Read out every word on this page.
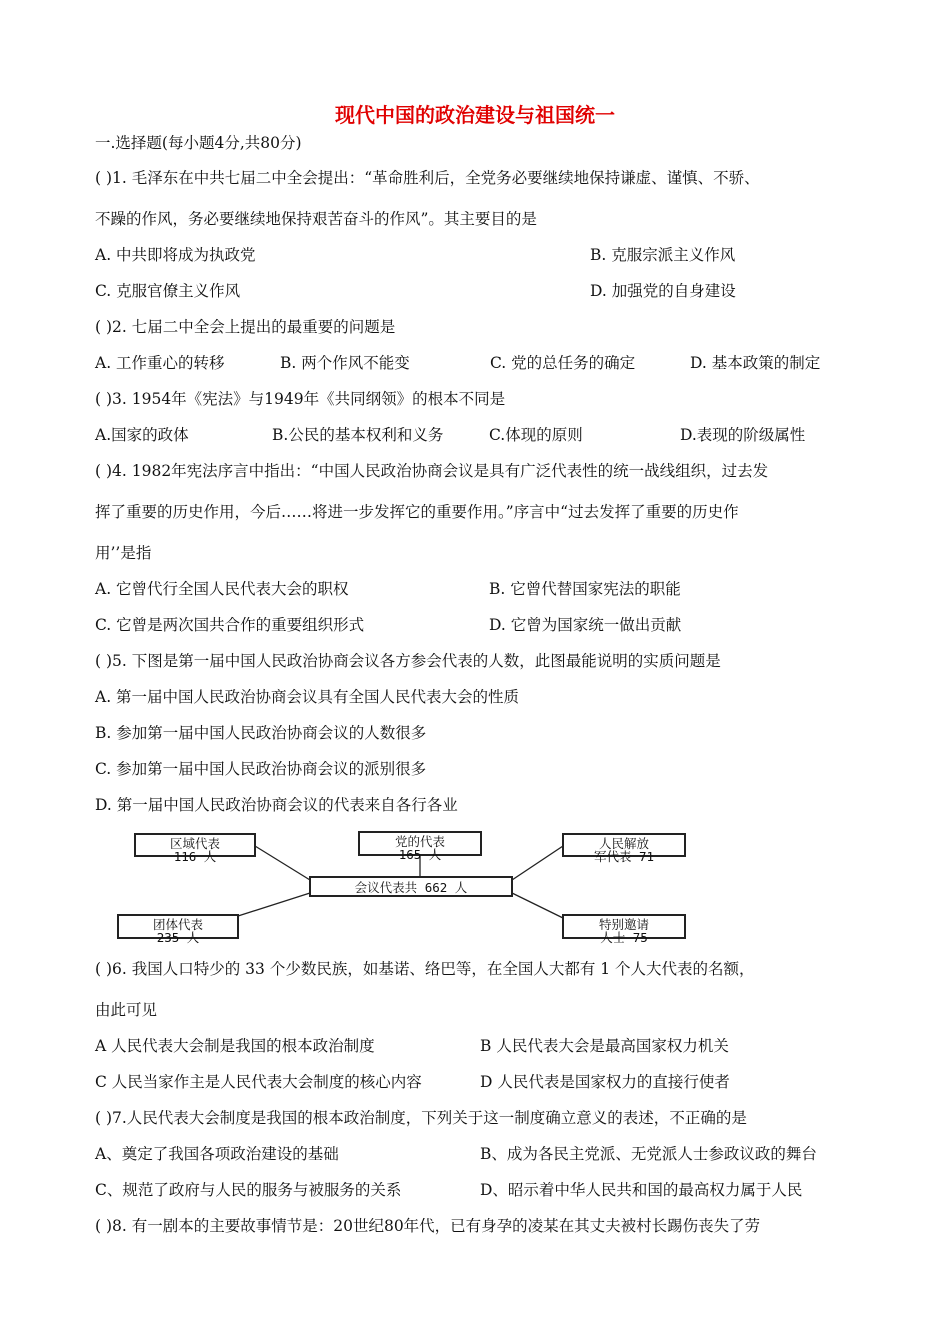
现代中国的政治建设与祖国统一
一.选择题(每小题4分,共80分)
( )1. 毛泽东在中共七届二中全会提出：“革命胜利后，全党务必要继续地保持谦虚、谨慎、不骄、
不躁的作风，务必要继续地保持艰苦奋斗的作风”。其主要目的是
A. 中共即将成为执政党	B. 克服宗派主义作风
C. 克服官僚主义作风	D. 加强党的自身建设
( )2. 七届二中全会上提出的最重要的问题是
A. 工作重心的转移	B. 两个作风不能变	C. 党的总任务的确定	D. 基本政策的制定
( )3. 1954年《宪法》与1949年《共同纲领》的根本不同是
A.国家的政体	B.公民的基本权利和义务	C.体现的原则	D.表现的阶级属性
( )4. 1982年宪法序言中指出：“中国人民政治协商会议是具有广泛代表性的统一战线组织，过去发
挥了重要的历史作用，今后……将进一步发挥它的重要作用。”序言中“过去发挥了重要的历史作
用’’是指
A. 它曾代行全国人民代表大会的职权	B. 它曾代替国家宪法的职能
C. 它曾是两次国共合作的重要组织形式	D. 它曾为国家统一做出贡献
( )5. 下图是第一届中国人民政治协商会议各方参会代表的人数，此图最能说明的实质问题是
A. 第一届中国人民政治协商会议具有全国人民代表大会的性质
B. 参加第一届中国人民政治协商会议的人数很多
C. 参加第一届中国人民政治协商会议的派别很多
D. 第一届中国人民政治协商会议的代表来自各行各业
区域代表
116 人
党的代表
165 人
人民解放
军代表 71
会议代表共 662 人
团体代表
235 人
特别邀请
人士 75
( )6. 我国人口特少的 33 个少数民族，如基诺、络巴等，在全国人大都有 1 个人大代表的名额，
由此可见
A 人民代表大会制是我国的根本政治制度	B 人民代表大会是最高国家权力机关
C 人民当家作主是人民代表大会制度的核心内容	D 人民代表是国家权力的直接行使者
( )7.人民代表大会制度是我国的根本政治制度，下列关于这一制度确立意义的表述，不正确的是
A、奠定了我国各项政治建设的基础	B、成为各民主党派、无党派人士参政议政的舞台
C、规范了政府与人民的服务与被服务的关系	D、昭示着中华人民共和国的最高权力属于人民
( )8. 有一剧本的主要故事情节是：20世纪80年代，已有身孕的凌某在其丈夫被村长踢伤丧失了劳
